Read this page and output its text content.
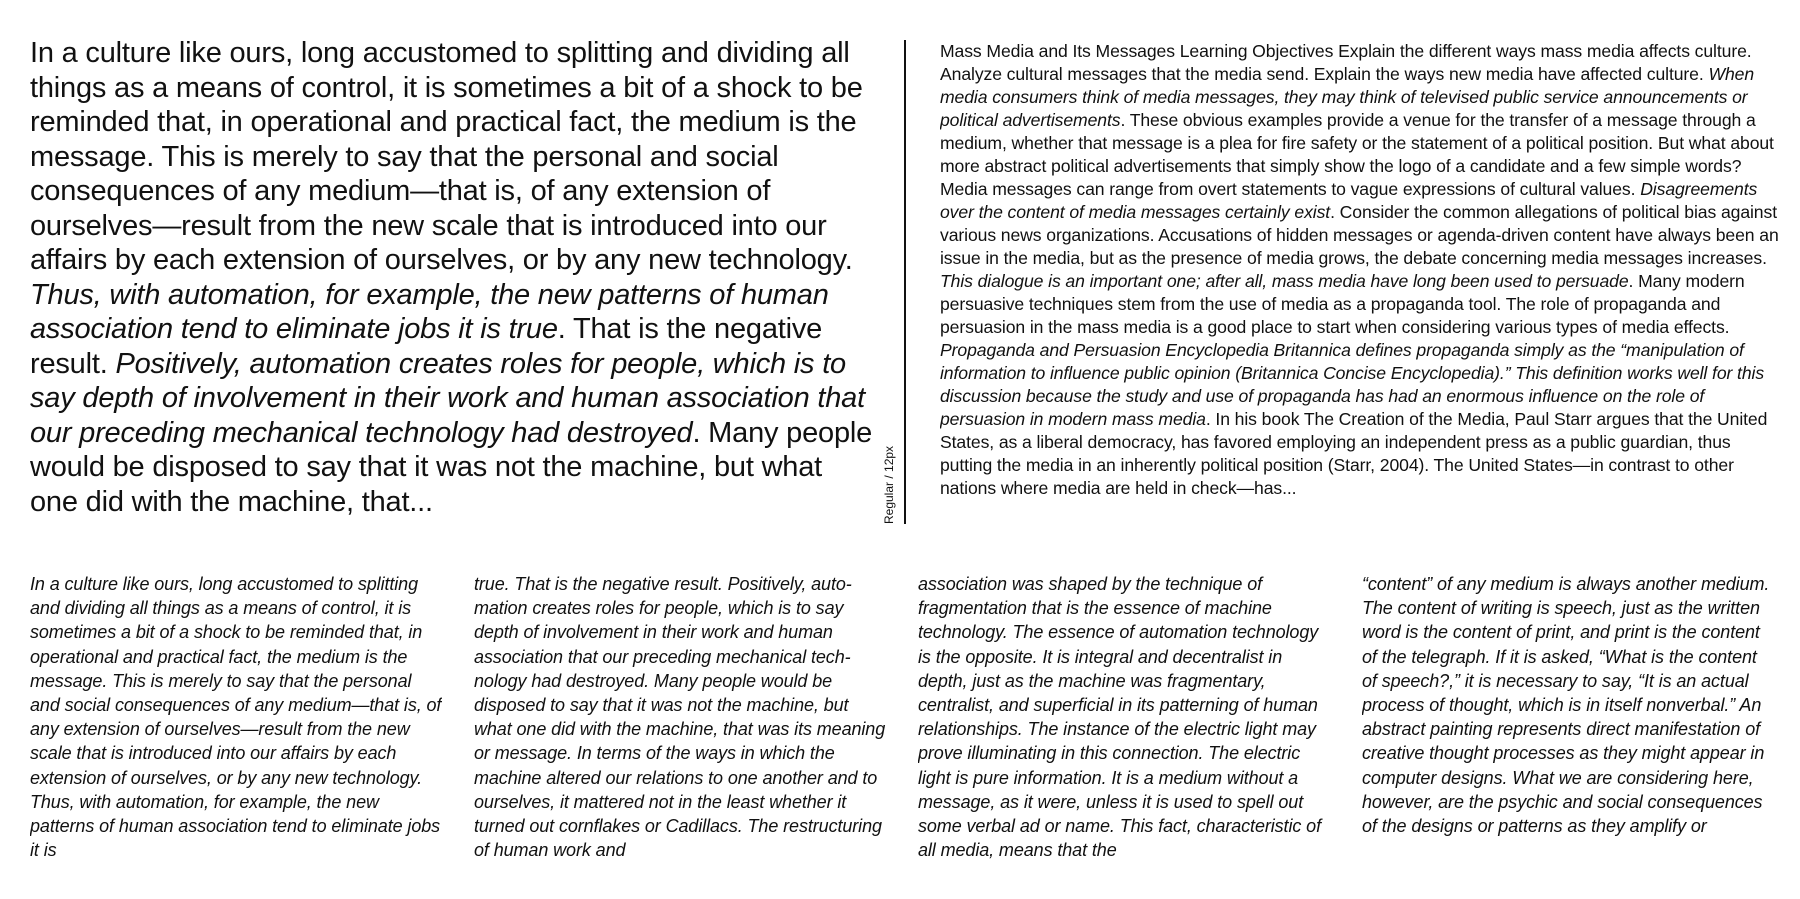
In a culture like ours, long accustomed to splitting and dividing all things as a means of control, it is sometimes a bit of a shock to be reminded that, in operational and practical fact, the medium is the message. This is merely to say that the personal and social consequences of any medium—that is, of any extension of ourselves—result from the new scale that is introduced into our affairs by each extension of ourselves, or by any new technology. Thus, with automation, for example, the new patterns of human association tend to eliminate jobs it is true. That is the negative result. Positively, automation creates roles for people, which is to say depth of involvement in their work and human association that our preceding mechanical technology had destroyed. Many people would be disposed to say that it was not the machine, but what one did with the machine, that...	Regular / 12px
Mass Media and Its Messages Learning Objectives Explain the different ways mass media affects culture. Analyze cultural messages that the media send. Explain the ways new media have affected culture. When media consumers think of media messages, they may think of televised public service announcements or political advertisements. These obvious examples provide a venue for the transfer of a message through a medium, whether that message is a plea for fire safety or the statement of a political position. But what about more abstract political advertisements that simply show the logo of a candidate and a few simple words? Media messages can range from overt statements to vague expressions of cultural values. Disagreements over the content of media messages certainly exist. Consider the common allegations of political bias against various news organizations. Accusations of hidden messages or agenda-driven content have always been an issue in the media, but as the presence of media grows, the debate concerning media messages increases. This dialogue is an important one; after all, mass media have long been used to persuade. Many modern persuasive techniques stem from the use of media as a propaganda tool. The role of propaganda and persuasion in the mass media is a good place to start when considering various types of media effects. Propaganda and Persuasion Encyclopedia Britannica defines propaganda simply as the “manipulation of information to influence public opinion (Britannica Concise Encyclopedia).” This definition works well for this discussion because the study and use of propaganda has had an enormous influence on the role of persuasion in modern mass media. In his book The Creation of the Media, Paul Starr argues that the United States, as a liberal democracy, has favored employing an independent press as a public guardian, thus putting the media in an inherently political position (Starr, 2004). The United States—in contrast to other nations where media are held in check—has...
In a culture like ours, long accustomed to splitting and dividing all things as a means of control, it is sometimes a bit of a shock to be reminded that, in operational and practical fact, the medium is the message. This is merely to say that the personal and social consequences of any medium—that is, of any extension of ourselves—result from the new scale that is introduced into our affairs by each extension of ourselves, or by any new technology. Thus, with automation, for example, the new patterns of human association tend to eliminate jobs it is
true. That is the negative result. Positively, automation creates roles for people, which is to say depth of involvement in their work and human association that our preceding mechanical technology had destroyed. Many people would be disposed to say that it was not the machine, but what one did with the machine, that was its meaning or message. In terms of the ways in which the machine altered our relations to one another and to ourselves, it mattered not in the least whether it turned out cornflakes or Cadillacs. The restructuring of human work and
association was shaped by the technique of fragmentation that is the essence of machine technology. The essence of automation technology is the opposite. It is integral and decentralist in depth, just as the machine was fragmentary, centralist, and superficial in its patterning of human relationships. The instance of the electric light may prove illuminating in this connection. The electric light is pure information. It is a medium without a message, as it were, unless it is used to spell out some verbal ad or name. This fact, characteristic of all media, means that the
“content” of any medium is always another medium. The content of writing is speech, just as the written word is the content of print, and print is the content of the telegraph. If it is asked, “What is the content of speech?,” it is necessary to say, “It is an actual process of thought, which is in itself nonverbal.” An abstract painting represents direct manifestation of creative thought processes as they might appear in computer designs. What we are considering here, however, are the psychic and social consequences of the designs or patterns as they amplify or
